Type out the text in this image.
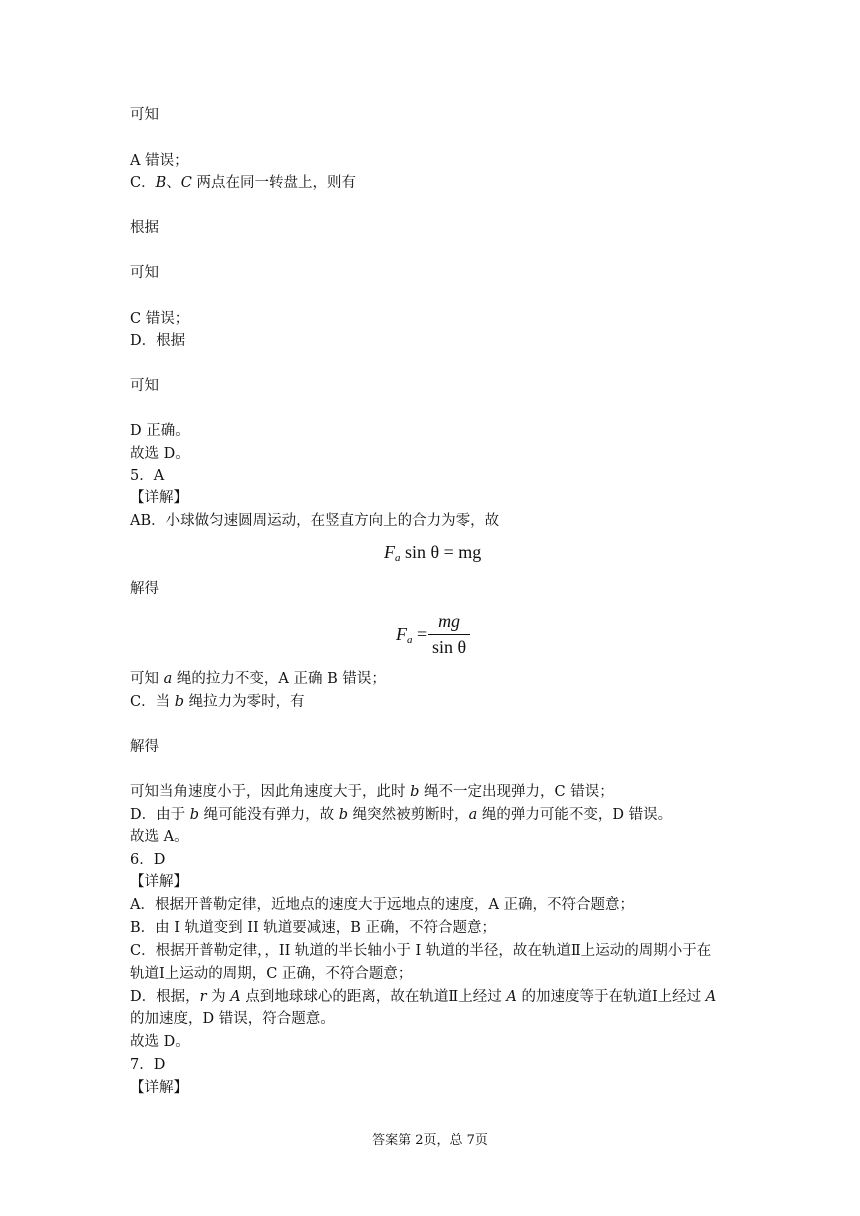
可知
A 错误；
C．B、C 两点在同一转盘上，则有
根据
可知
C 错误；
D．根据
可知
D 正确。
故选 D。
5．A
【详解】
AB．小球做匀速圆周运动，在竖直方向上的合力为零，故
$F_a$ sin θ = mg
解得
$F_a$ =
mg
sin θ
可知 a 绳的拉力不变，A 正确 B 错误；
C．当 b 绳拉力为零时，有
解得
可知当角速度小于，因此角速度大于，此时 b 绳不一定出现弹力，C 错误；
D．由于 b 绳可能没有弹力，故 b 绳突然被剪断时，a 绳的弹力可能不变，D 错误。
故选 A。
6．D
【详解】
A．根据开普勒定律，近地点的速度大于远地点的速度，A 正确，不符合题意；
B．由 I 轨道变到 II 轨道要减速，B 正确，不符合题意；
C．根据开普勒定律，，II 轨道的半长轴小于 I 轨道的半径，故在轨道Ⅱ上运动的周期小于在
轨道Ⅰ上运动的周期，C 正确，不符合题意；
D．根据，r 为 A 点到地球球心的距离，故在轨道Ⅱ上经过 A 的加速度等于在轨道Ⅰ上经过 A
的加速度，D 错误，符合题意。
故选 D。
7．D
【详解】
答案第 2页，总 7页
